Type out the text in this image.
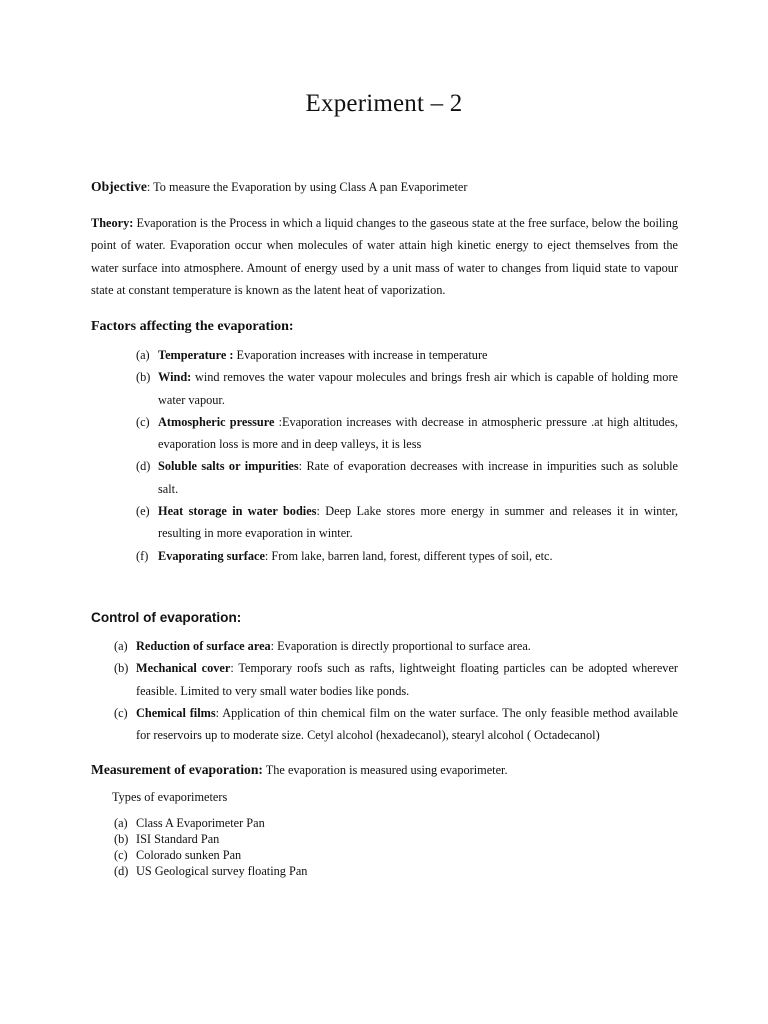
Experiment – 2
Objective: To measure the Evaporation by using Class A pan Evaporimeter
Theory: Evaporation is the Process in which a liquid changes to the gaseous state at the free surface, below the boiling point of water. Evaporation occur when molecules of water attain high kinetic energy to eject themselves from the water surface into atmosphere. Amount of energy used by a unit mass of water to changes from liquid state to vapour state at constant temperature is known as the latent heat of vaporization.
Factors affecting the evaporation:
(a) Temperature : Evaporation increases with increase in temperature
(b) Wind: wind removes the water vapour molecules and brings fresh air which is capable of holding more water vapour.
(c) Atmospheric pressure :Evaporation increases with decrease in atmospheric pressure .at high altitudes, evaporation loss is more and in deep valleys, it is less
(d) Soluble salts or impurities: Rate of evaporation decreases with increase in impurities such as soluble salt.
(e) Heat storage in water bodies: Deep Lake stores more energy in summer and releases it in winter, resulting in more evaporation in winter.
(f) Evaporating surface: From lake, barren land, forest, different types of soil, etc.
Control of evaporation:
(a) Reduction of surface area: Evaporation is directly proportional to surface area.
(b) Mechanical cover: Temporary roofs such as rafts, lightweight floating particles can be adopted wherever feasible. Limited to very small water bodies like ponds.
(c) Chemical films: Application of thin chemical film on the water surface. The only feasible method available for reservoirs up to moderate size. Cetyl alcohol (hexadecanol), stearyl alcohol ( Octadecanol)
Measurement of evaporation: The evaporation is measured using evaporimeter.
Types of evaporimeters
(a) Class A Evaporimeter Pan
(b) ISI Standard Pan
(c) Colorado sunken Pan
(d) US Geological survey floating Pan
